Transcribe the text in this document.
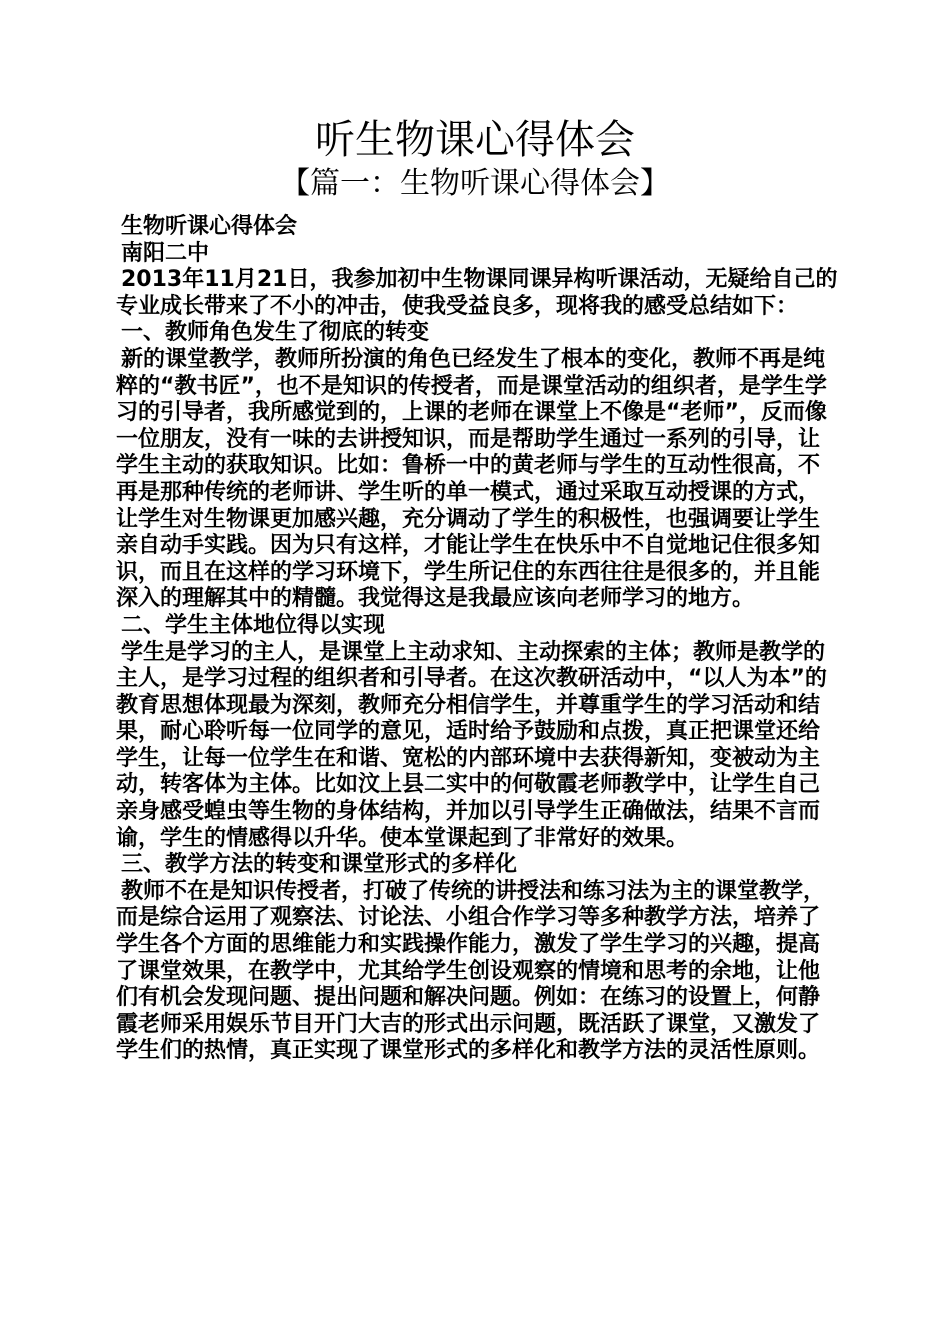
听生物课心得体会
【篇一：生物听课心得体会】

生物听课心得体会

南阳二中

2013年11月21日，我参加初中生物课同课异构听课活动，无疑给自己的专业成长带来了不小的冲击，使我受益良多，现将我的感受总结如下：

一、教师角色发生了彻底的转变

新的课堂教学，教师所扮演的角色已经发生了根本的变化，教师不再是纯粹的“教书匠”，也不是知识的传授者，而是课堂活动的组织者，是学生学习的引导者，我所感觉到的，上课的老师在课堂上不像是“老师”，反而像一位朋友，没有一味的去讲授知识，而是帮助学生通过一系列的引导，让学生主动的获取知识。比如：鲁桥一中的黄老师与学生的互动性很高，不再是那种传统的老师讲、学生听的单一模式，通过采取互动授课的方式，让学生对生物课更加感兴趣，充分调动了学生的积极性，也强调要让学生亲自动手实践。因为只有这样，才能让学生在快乐中不自觉地记住很多知识，而且在这样的学习环境下，学生所记住的东西往往是很多的，并且能深入的理解其中的精髓。我觉得这是我最应该向老师学习的地方。

二、学生主体地位得以实现

学生是学习的主人，是课堂上主动求知、主动探索的主体；教师是教学的主人，是学习过程的组织者和引导者。在这次教研活动中，“以人为本”的教育思想体现最为深刻，教师充分相信学生，并尊重学生的学习活动和结果，耐心聆听每一位同学的意见，适时给予鼓励和点拨，真正把课堂还给学生，让每一位学生在和谐、宽松的内部环境中去获得新知，变被动为主动，转客体为主体。比如汶上县二实中的何敬霞老师教学中，让学生自己亲身感受蝗虫等生物的身体结构，并加以引导学生正确做法，结果不言而谕，学生的情感得以升华。使本堂课起到了非常好的效果。

三、教学方法的转变和课堂形式的多样化

教师不在是知识传授者，打破了传统的讲授法和练习法为主的课堂教学，而是综合运用了观察法、讨论法、小组合作学习等多种教学方法，培养了学生各个方面的思维能力和实践操作能力，激发了学生学习的兴趣，提高了课堂效果，在教学中，尤其给学生创设观察的情境和思考的余地，让他们有机会发现问题、提出问题和解决问题。例如：在练习的设置上，何静霞老师采用娱乐节目开门大吉的形式出示问题，既活跃了课堂，又激发了学生们的热情，真正实现了课堂形式的多样化和教学方法的灵活性原则。
